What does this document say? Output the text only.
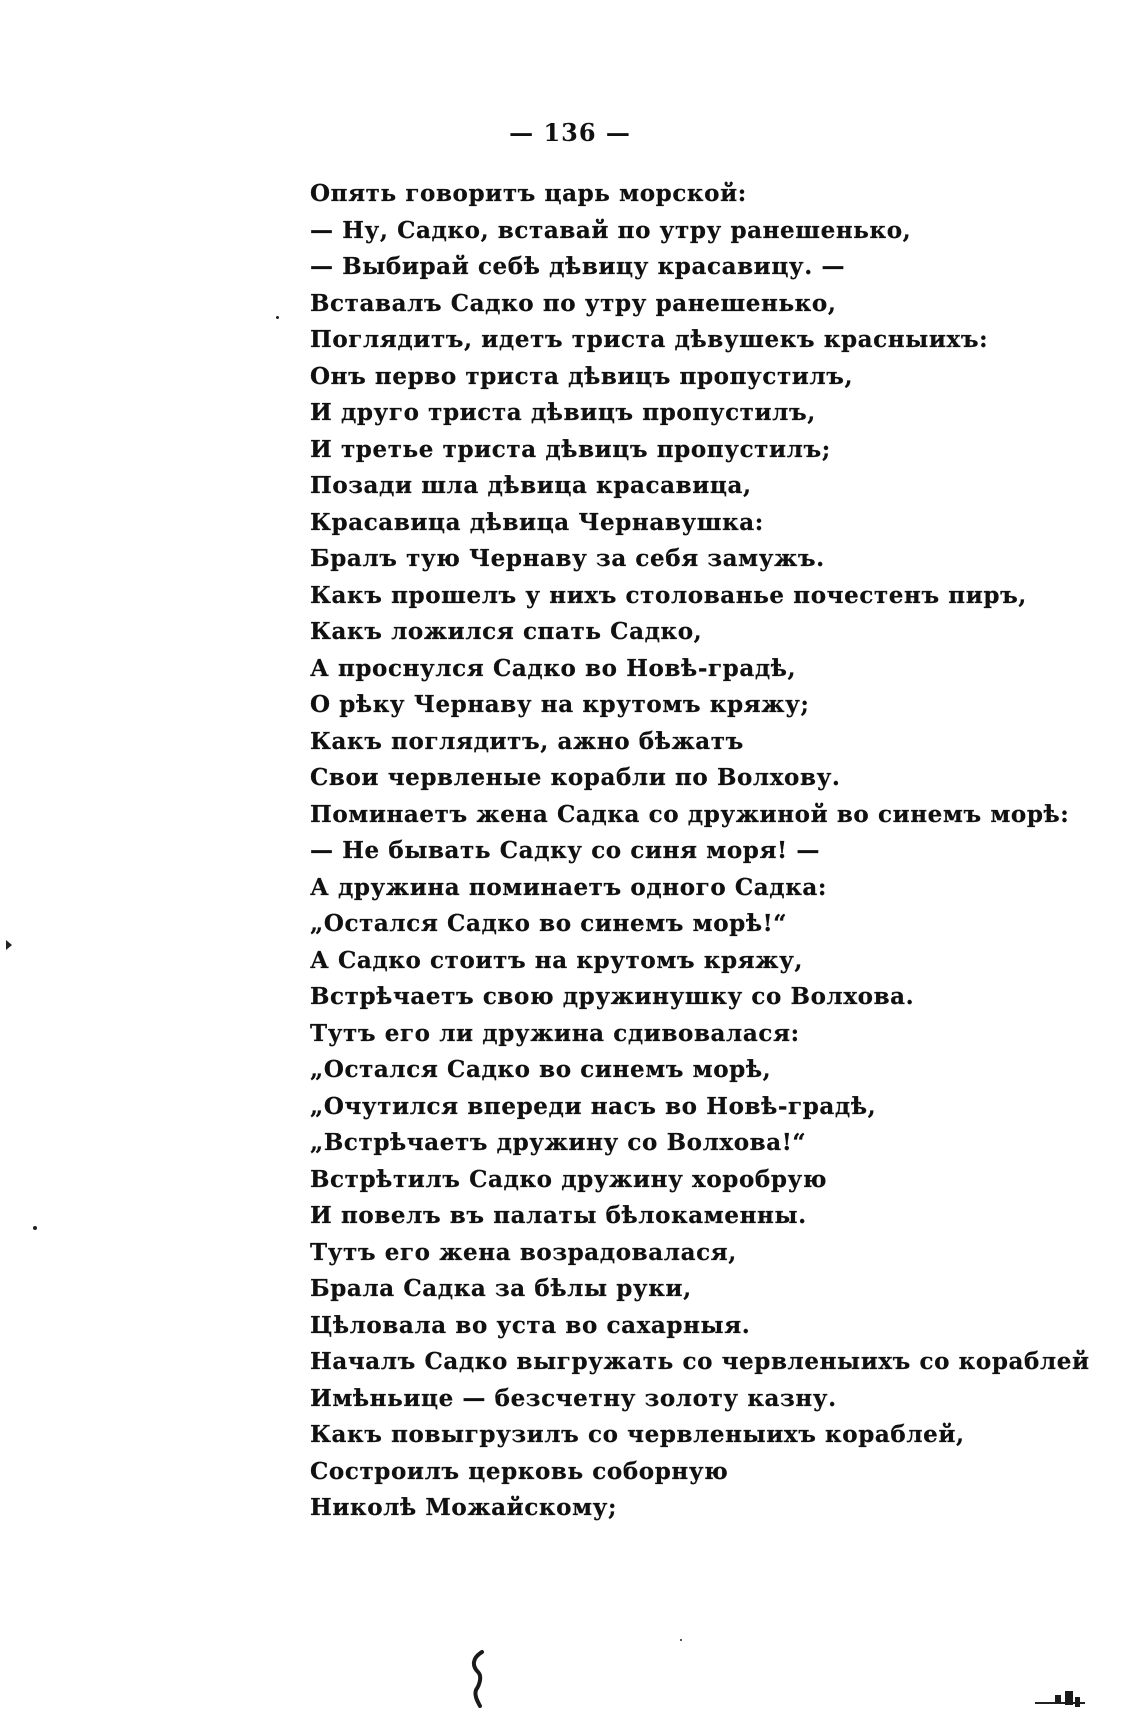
— 136 —
Опять говоритъ царь морской:
— Ну, Садко, вставай по утру ранешенько,
— Выбирай себѣ дѣвицу красавицу. —
Вставалъ Садко по утру ранешенько,
Поглядитъ, идетъ триста дѣвушекъ красныихъ:
Онъ перво триста дѣвицъ пропустилъ,
И друго триста дѣвицъ пропустилъ,
И третье триста дѣвицъ пропустилъ;
Позади шла дѣвица красавица,
Красавица дѣвица Чернавушка:
Бралъ тую Чернаву за себя замужъ.
Какъ прошелъ у нихъ столованье почестенъ пиръ,
Какъ ложился спать Садко,
А проснулся Садко во Новѣ-градѣ,
О рѣку Чернаву на крутомъ кряжу;
Какъ поглядитъ, ажно бѣжатъ
Свои червленые корабли по Волхову.
Поминаетъ жена Садка со дружиной во синемъ морѣ:
— Не бывать Садку со синя моря! —
А дружина поминаетъ одного Садка:
„Остался Садко во синемъ морѣ!“
А Садко стоитъ на крутомъ кряжу,
Встрѣчаетъ свою дружинушку со Волхова.
Тутъ его ли дружина сдивовалася:
„Остался Садко во синемъ морѣ,
„Очутился впереди насъ во Новѣ-градѣ,
„Встрѣчаетъ дружину со Волхова!“
Встрѣтилъ Садко дружину хоробрую
И повелъ въ палаты бѣлокаменны.
Тутъ его жена возрадовалася,
Брала Садка за бѣлы руки,
Цѣловала во уста во сахарныя.
Началъ Садко выгружать со червленыихъ со кораблей
Имѣньице — безсчетну золоту казну.
Какъ повыгрузилъ со червленыихъ кораблей,
Состроилъ церковь соборную
Николѣ Можайскому;
